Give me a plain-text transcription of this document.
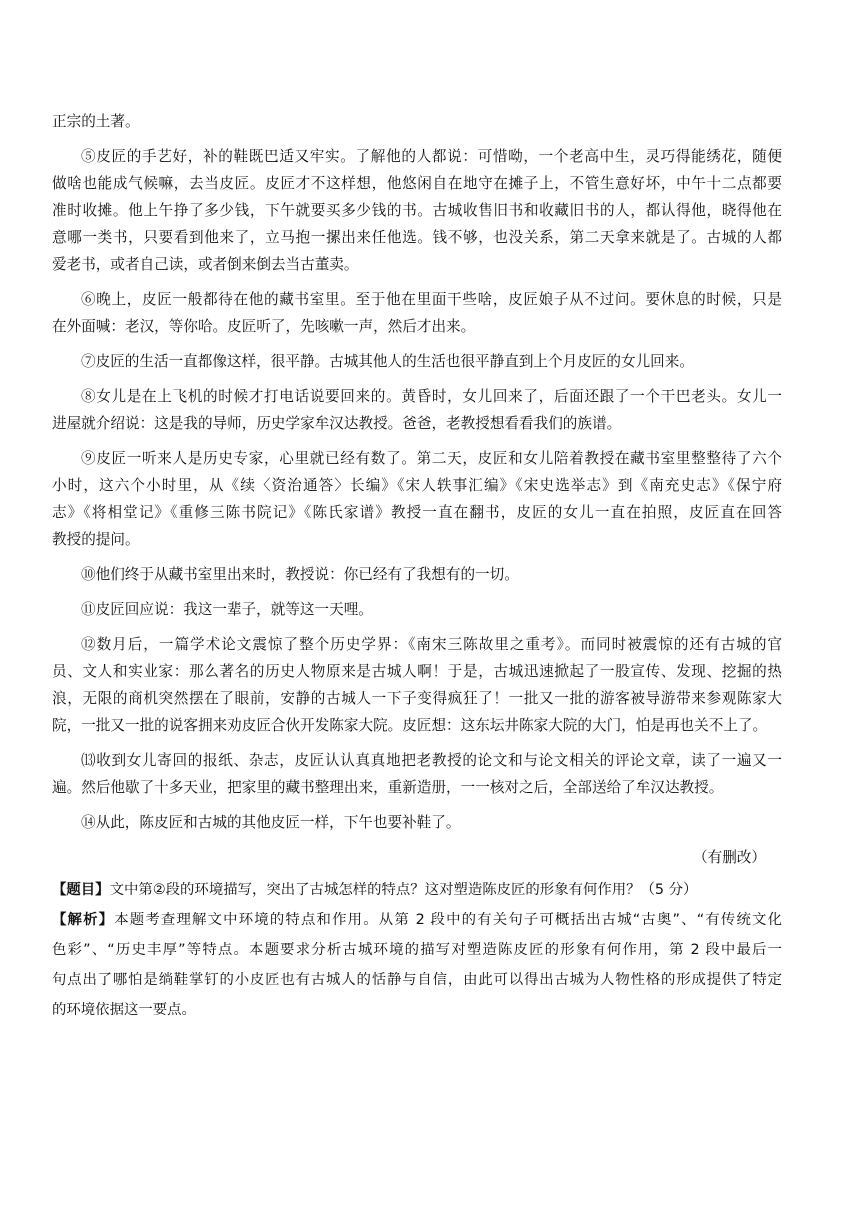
正宗的土著。
⑤皮匠的手艺好，补的鞋既巴适又牢实。了解他的人都说：可惜呦，一个老高中生，灵巧得能绣花，随便
做啥也能成气候嘛，去当皮匠。皮匠才不这样想，他悠闲自在地守在摊子上，不管生意好坏，中午十二点都要
准时收摊。他上午挣了多少钱，下午就要买多少钱的书。古城收售旧书和收藏旧书的人，都认得他，晓得他在
意哪一类书，只要看到他来了，立马抱一摞出来任他选。钱不够，也没关系，第二天拿来就是了。古城的人都
爱老书，或者自己读，或者倒来倒去当古董卖。
⑥晚上，皮匠一般都待在他的藏书室里。至于他在里面干些啥，皮匠娘子从不过问。要休息的时候，只是
在外面喊：老汉，等你哈。皮匠听了，先咳嗽一声，然后才出来。
⑦皮匠的生活一直都像这样，很平静。古城其他人的生活也很平静直到上个月皮匠的女儿回来。
⑧女儿是在上飞机的时候才打电话说要回来的。黄昏时，女儿回来了，后面还跟了一个干巴老头。女儿一
进屋就介绍说：这是我的导师，历史学家牟汉达教授。爸爸，老教授想看看我们的族谱。
⑨皮匠一听来人是历史专家，心里就已经有数了。第二天，皮匠和女儿陪着教授在藏书室里整整待了六个
小时，这六个小时里，从《续〈资治通答〉长编》《宋人轶事汇编》《宋史选举志》到《南充史志》《保宁府
志》《将相堂记》《重修三陈书院记》《陈氏家谱》教授一直在翻书，皮匠的女儿一直在拍照，皮匠直在回答
教授的提问。
⑩他们终于从藏书室里出来时，教授说：你已经有了我想有的一切。
⑪皮匠回应说：我这一辈子，就等这一天哩。
⑫数月后，一篇学术论文震惊了整个历史学界：《南宋三陈故里之重考》。而同时被震惊的还有古城的官
员、文人和实业家：那么著名的历史人物原来是古城人啊！于是，古城迅速掀起了一股宣传、发现、挖掘的热
浪，无限的商机突然摆在了眼前，安静的古城人一下子变得疯狂了！一批又一批的游客被导游带来参观陈家大
院，一批又一批的说客拥来劝皮匠合伙开发陈家大院。皮匠想：这东坛井陈家大院的大门，怕是再也关不上了。
⒀收到女儿寄回的报纸、杂志，皮匠认认真真地把老教授的论文和与论文相关的评论文章，读了一遍又一
遍。然后他歇了十多天业，把家里的藏书整理出来，重新造册，一一核对之后，全部送给了牟汉达教授。
⑭从此，陈皮匠和古城的其他皮匠一样，下午也要补鞋了。
（有删改）
【题目】文中第②段的环境描写，突出了古城怎样的特点？这对塑造陈皮匠的形象有何作用？（5 分）
【解析】本题考查理解文中环境的特点和作用。从第 2 段中的有关句子可概括出古城“古奥”、“有传统文化
色彩”、“历史丰厚”等特点。本题要求分析古城环境的描写对塑造陈皮匠的形象有何作用，第 2 段中最后一
句点出了哪怕是绱鞋掌钉的小皮匠也有古城人的恬静与自信，由此可以得出古城为人物性格的形成提供了特定
的环境依据这一要点。
